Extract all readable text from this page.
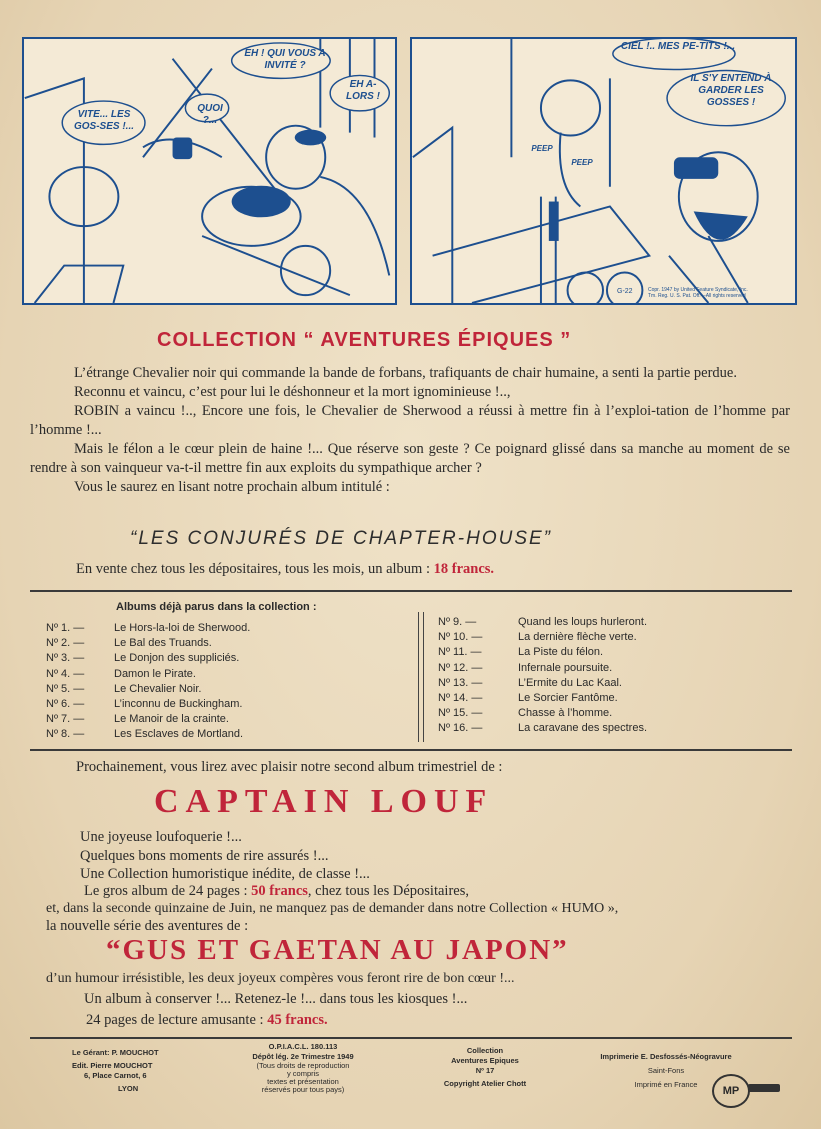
VITE... LES GOS-SES !...
QUOI ?...
EH ! QUI VOUS A INVITÉ ?
EH A-LORS !
CIEL !.. MES PE-TITS !...
IL S'Y ENTEND À GARDER LES GOSSES !
PEEP
PEEP
G-22	Copr. 1947 by United Feature Syndicate, Inc.
Tm. Reg. U. S. Pat. Off.—All rights reserved
COLLECTION “ AVENTURES ÉPIQUES ”

L’étrange Chevalier noir qui commande la bande de forbans, trafiquants de chair humaine, a senti la partie perdue.

Reconnu et vaincu, c’est pour lui le déshonneur et la mort ignominieuse !..,

ROBIN a vaincu !.., Encore une fois, le Chevalier de Sherwood a réussi à mettre fin à l’exploi-tation de l’homme par l’homme !...

Mais le félon a le cœur plein de haine !... Que réserve son geste ? Ce poignard glissé dans sa manche au moment de se rendre à son vainqueur va-t-il mettre fin aux exploits du sympathique archer ?

Vous le saurez en lisant notre prochain album intitulé :

“LES CONJURÉS DE CHAPTER-HOUSE”
En vente chez tous les dépositaires, tous les mois, un album : 18 francs.
Albums déjà parus dans la collection :
Nº 1. —	Le Hors-la-loi de Sherwood.
Nº 2. —	Le Bal des Truands.
Nº 3. —	Le Donjon des suppliciés.
Nº 4. —	Damon le Pirate.
Nº 5. —	Le Chevalier Noir.
Nº 6. —	L’inconnu de Buckingham.
Nº 7. —	Le Manoir de la crainte.
Nº 8. —	Les Esclaves de Mortland.
Nº 9. —	Quand les loups hurleront.
Nº 10. —	La dernière flèche verte.
Nº 11. —	La Piste du félon.
Nº 12. —	Infernale poursuite.
Nº 13. —	L’Ermite du Lac Kaal.
Nº 14. —	Le Sorcier Fantôme.
Nº 15. —	Chasse à l’homme.
Nº 16. —	La caravane des spectres.
Prochainement, vous lirez avec plaisir notre second album trimestriel de :
CAPTAIN LOUF
Une joyeuse loufoquerie !...
Quelques bons moments de rire assurés !...
Une Collection humoristique inédite, de classe !...
Le gros album de 24 pages : 50 francs, chez tous les Dépositaires,
et, dans la seconde quinzaine de Juin, ne manquez pas de demander dans notre Collection « HUMO »,
la nouvelle série des aventures de :
“GUS ET GAETAN AU JAPON”
d’un humour irrésistible, les deux joyeux compères vous feront rire de bon cœur !...
Un album à conserver !... Retenez-le !... dans tous les kiosques !...
24 pages de lecture amusante : 45 francs.
Le Gérant: P. MOUCHOT
Edit. Pierre MOUCHOT
6, Place Carnot, 6
LYON
O.P.I.A.C.L. 180.113
Dépôt lég. 2e Trimestre 1949
(Tous droits de reproduction
y compris
textes et présentation
réservés pour tous pays)
Collection
Aventures Epiques
Nº 17
Copyright Atelier Chott
Imprimerie E. Desfossés-Néogravure
Saint-Fons
Imprimé en France
MP
